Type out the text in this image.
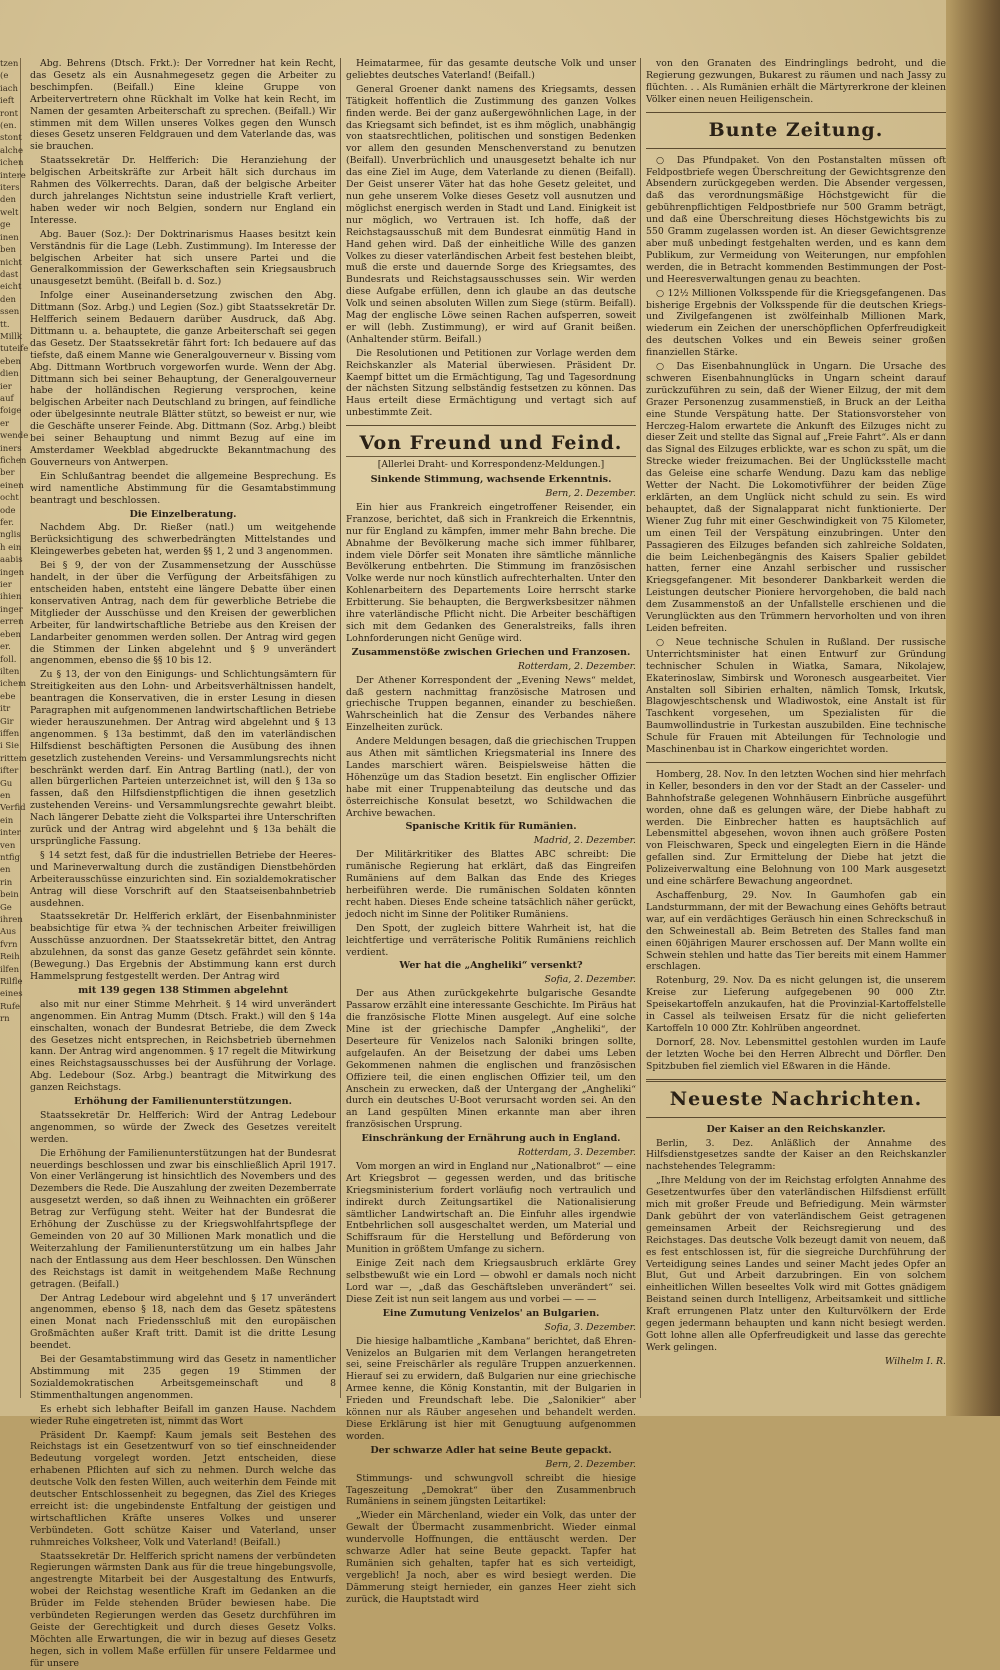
tzen
(e
iach
ieft
ront
(en.
stont
alche
ichen
intere
iters
den
welt
ge
inen
ben
nicht
dast
eicht
den
ssen
tt.
Millk
tuteife
eben
dien
ier
auf
foige
er
wende
iners
fichen
ber
einen
ocht
ode
fer.
nglis
h ein
aabis
ingen
ier
ihien
inger
erren
eben
er.
foll.
ilten
ichem
ebe
itr
Gir
iffen
i Sie
rittem
ifter
Gu
en
Verfid
ein
inter
ven
ntfig
en
rin
bein
Ge
ihren
Aus
fvrn
Reih
ilfen
Rilfle
eines
Rufe
rn

Abg. Behrens (Dtsch. Frkt.): Der Vorredner hat kein Recht, das Gesetz als ein Ausnahmegesetz gegen die Arbeiter zu beschimpfen. (Beifall.) Eine kleine Gruppe von Arbeitervertretern ohne Rückhalt im Volke hat kein Recht, im Namen der gesamten Arbeiterschaft zu sprechen. (Beifall.) Wir stimmen mit dem Willen unseres Volkes gegen den Wunsch dieses Gesetz unseren Feldgrauen und dem Vaterlande das, was sie brauchen.

Staatssekretär Dr. Helfferich: Die Heranziehung der belgischen Arbeitskräfte zur Arbeit hält sich durchaus im Rahmen des Völkerrechts. Daran, daß der belgische Arbeiter durch jahrelanges Nichtstun seine industrielle Kraft verliert, haben weder wir noch Belgien, sondern nur England ein Interesse.

Abg. Bauer (Soz.): Der Doktrinarismus Haases besitzt kein Verständnis für die Lage (Lebh. Zustimmung). Im Interesse der belgischen Arbeiter hat sich unsere Partei und die Generalkommission der Gewerkschaften sein Kriegsausbruch unausgesetzt bemüht. (Beifall b. d. Soz.)

Infolge einer Auseinandersetzung zwischen den Abg. Dittmann (Soz. Arbg.) und Legien (Soz.) gibt Staatssekretär Dr. Helfferich seinem Bedauern darüber Ausdruck, daß Abg. Dittmann u. a. behauptete, die ganze Arbeiterschaft sei gegen das Gesetz. Der Staatssekretär fährt fort: Ich bedauere auf das tiefste, daß einem Manne wie Generalgouverneur v. Bissing vom Abg. Dittmann Wortbruch vorgeworfen wurde. Wenn der Abg. Dittmann sich bei seiner Behauptung, der Generalgouverneur habe der holländischen Regierung versprochen, keine belgischen Arbeiter nach Deutschland zu bringen, auf feindliche oder übelgesinnte neutrale Blätter stützt, so beweist er nur, wie die Geschäfte unserer Feinde. Abg. Dittmann (Soz. Arbg.) bleibt bei seiner Behauptung und nimmt Bezug auf eine im Amsterdamer Weekblad abgedruckte Bekanntmachung des Gouverneurs von Antwerpen.

Ein Schlußantrag beendet die allgemeine Besprechung. Es wird namentliche Abstimmung für die Gesamtabstimmung beantragt und beschlossen.

Die Einzelberatung.

Nachdem Abg. Dr. Rießer (natl.) um weitgehende Berücksichtigung des schwerbedrängten Mittelstandes und Kleingewerbes gebeten hat, werden §§ 1, 2 und 3 angenommen.

Bei § 9, der von der Zusammensetzung der Ausschüsse handelt, in der über die Verfügung der Arbeitsfähigen zu entscheiden haben, entsteht eine längere Debatte über einen konservativen Antrag, nach dem für gewerbliche Betriebe die Mitglieder der Ausschüsse und den Kreisen der gewerblichen Arbeiter, für landwirtschaftliche Betriebe aus den Kreisen der Landarbeiter genommen werden sollen. Der Antrag wird gegen die Stimmen der Linken abgelehnt und § 9 unverändert angenommen, ebenso die §§ 10 bis 12.

Zu § 13, der von den Einigungs- und Schlichtungsämtern für Streitigkeiten aus den Lohn- und Arbeitsverhältnissen handelt, beantragen die Konservativen, die in erster Lesung in diesen Paragraphen mit aufgenommenen landwirtschaftlichen Betriebe wieder herauszunehmen. Der Antrag wird abgelehnt und § 13 angenommen. § 13a bestimmt, daß den im vaterländischen Hilfsdienst beschäftigten Personen die Ausübung des ihnen gesetzlich zustehenden Vereins- und Versammlungsrechts nicht beschränkt werden darf. Ein Antrag Bartling (natl.), der von allen bürgerlichen Parteien unterzeichnet ist, will den § 13a so fassen, daß den Hilfsdienstpflichtigen die ihnen gesetzlich zustehenden Vereins- und Versammlungsrechte gewahrt bleibt. Nach längerer Debatte zieht die Volkspartei ihre Unterschriften zurück und der Antrag wird abgelehnt und § 13a behält die ursprüngliche Fassung.

§ 14 setzt fest, daß für die industriellen Betriebe der Heeres- und Marineverwaltung durch die zuständigen Dienstbehörden Arbeiterausschüsse einzurichten sind. Ein sozialdemokratischer Antrag will diese Vorschrift auf den Staatseisenbahnbetrieb ausdehnen.

Staatssekretär Dr. Helfferich erklärt, der Eisenbahnminister beabsichtige für etwa ¾ der technischen Arbeiter freiwilligen Ausschüsse anzuordnen. Der Staatssekretär bittet, den Antrag abzulehnen, da sonst das ganze Gesetz gefährdet sein könnte. (Bewegung.) Das Ergebnis der Abstimmung kann erst durch Hammelsprung festgestellt werden. Der Antrag wird

mit 139 gegen 138 Stimmen abgelehnt

also mit nur einer Stimme Mehrheit. § 14 wird unverändert angenommen. Ein Antrag Mumm (Dtsch. Frakt.) will den § 14a einschalten, wonach der Bundesrat Betriebe, die dem Zweck des Gesetzes nicht entsprechen, in Reichsbetrieb übernehmen kann. Der Antrag wird angenommen. § 17 regelt die Mitwirkung eines Reichstagsausschusses bei der Ausführung der Vorlage. Abg. Ledebour (Soz. Arbg.) beantragt die Mitwirkung des ganzen Reichstags.

Erhöhung der Familienunterstützungen.

Staatssekretär Dr. Helfferich: Wird der Antrag Ledebour angenommen, so würde der Zweck des Gesetzes vereitelt werden.

Die Erhöhung der Familienunterstützungen hat der Bundesrat neuerdings beschlossen und zwar bis einschließlich April 1917. Von einer Verlängerung ist hinsichtlich des Novembers und des Dezembers die Rede. Die Auszahlung der zweiten Dezemberrate ausgesetzt werden, so daß ihnen zu Weihnachten ein größerer Betrag zur Verfügung steht. Weiter hat der Bundesrat die Erhöhung der Zuschüsse zu der Kriegswohlfahrtspflege der Gemeinden von 20 auf 30 Millionen Mark monatlich und die Weiterzahlung der Familienunterstützung um ein halbes Jahr nach der Entlassung aus dem Heer beschlossen. Den Wünschen des Reichstags ist damit in weitgehendem Maße Rechnung getragen. (Beifall.)

Der Antrag Ledebour wird abgelehnt und § 17 unverändert angenommen, ebenso § 18, nach dem das Gesetz spätestens einen Monat nach Friedensschluß mit den europäischen Großmächten außer Kraft tritt. Damit ist die dritte Lesung beendet.

Bei der Gesamtabstimmung wird das Gesetz in namentlicher Abstimmung mit 235 gegen 19 Stimmen der Sozialdemokratischen Arbeitsgemeinschaft und 8 Stimmenthaltungen angenommen.

Es erhebt sich lebhafter Beifall im ganzen Hause. Nachdem wieder Ruhe eingetreten ist, nimmt das Wort

Präsident Dr. Kaempf: Kaum jemals seit Bestehen des Reichstags ist ein Gesetzentwurf von so tief einschneidender Bedeutung vorgelegt worden. Jetzt entscheiden, diese erhabenen Pflichten auf sich zu nehmen. Durch welche das deutsche Volk den festen Willen, auch weiterhin dem Feinde mit deutscher Entschlossenheit zu begegnen, das Ziel des Krieges erreicht ist: die ungebindenste Entfaltung der geistigen und wirtschaftlichen Kräfte unseres Volkes und unserer Verbündeten. Gott schütze Kaiser und Vaterland, unser ruhmreiches Volksheer, Volk und Vaterland! (Beifall.)

Staatssekretär Dr. Helfferich spricht namens der verbündeten Regierungen wärmsten Dank aus für die treue hingebungsvolle, angestrengte Mitarbeit bei der Ausgestaltung des Entwurfs, wobei der Reichstag wesentliche Kraft im Gedanken an die Brüder im Felde stehenden Brüder bewiesen habe. Die verbündeten Regierungen werden das Gesetz durchführen im Geiste der Gerechtigkeit und durch dieses Gesetz Volks. Möchten alle Erwartungen, die wir in bezug auf dieses Gesetz hegen, sich in vollem Maße erfüllen für unsere Feldarmee und für unsere

Heimatarmee, für das gesamte deutsche Volk und unser geliebtes deutsches Vaterland! (Beifall.)

General Groener dankt namens des Kriegsamts, dessen Tätigkeit hoffentlich die Zustimmung des ganzen Volkes finden werde. Bei der ganz außergewöhnlichen Lage, in der das Kriegsamt sich befindet, ist es ihm möglich, unabhängig von staatsrechtlichen, politischen und sonstigen Bedenken vor allem den gesunden Menschenverstand zu benutzen (Beifall). Unverbrüchlich und unausgesetzt behalte ich nur das eine Ziel im Auge, dem Vaterlande zu dienen (Beifall). Der Geist unserer Väter hat das hohe Gesetz geleitet, und nun gehe unserem Volke dieses Gesetz voll ausnutzen und möglichst energisch werden in Stadt und Land. Einigkeit ist nur möglich, wo Vertrauen ist. Ich hoffe, daß der Reichstagsausschuß mit dem Bundesrat einmütig Hand in Hand gehen wird. Daß der einheitliche Wille des ganzen Volkes zu dieser vaterländischen Arbeit fest bestehen bleibt, muß die erste und dauernde Sorge des Kriegsamtes, des Bundesrats und Reichstagsausschusses sein. Wir werden diese Aufgabe erfüllen, denn ich glaube an das deutsche Volk und seinen absoluten Willen zum Siege (stürm. Beifall). Mag der englische Löwe seinen Rachen aufsperren, soweit er will (lebh. Zustimmung), er wird auf Granit beißen. (Anhaltender stürm. Beifall.)

Die Resolutionen und Petitionen zur Vorlage werden dem Reichskanzler als Material überwiesen. Präsident Dr. Kaempf bittet um die Ermächtigung, Tag und Tagesordnung der nächsten Sitzung selbständig festsetzen zu können. Das Haus erteilt diese Ermächtigung und vertagt sich auf unbestimmte Zeit.

Von Freund und Feind.
[Allerlei Draht- und Korrespondenz-Meldungen.]

Sinkende Stimmung, wachsende Erkenntnis.

Bern, 2. Dezember.

Ein hier aus Frankreich eingetroffener Reisender, ein Franzose, berichtet, daß sich in Frankreich die Erkenntnis, nur für England zu kämpfen, immer mehr Bahn breche. Die Abnahme der Bevölkerung mache sich immer fühlbarer, indem viele Dörfer seit Monaten ihre sämtliche männliche Bevölkerung entbehrten. Die Stimmung im französischen Volke werde nur noch künstlich aufrechterhalten. Unter den Kohlenarbeitern des Departements Loire herrscht starke Erbitterung. Sie behaupten, die Bergwerksbesitzer nähmen ihre vaterländische Pflicht nicht. Die Arbeiter beschäftigen sich mit dem Gedanken des Generalstreiks, falls ihren Lohnforderungen nicht Genüge wird.

Zusammenstöße zwischen Griechen und Franzosen.

Rotterdam, 2. Dezember.

Der Athener Korrespondent der „Evening News“ meldet, daß gestern nachmittag französische Matrosen und griechische Truppen begannen, einander zu beschießen. Wahrscheinlich hat die Zensur des Verbandes nähere Einzelheiten zurück.

Andere Meldungen besagen, daß die griechischen Truppen aus Athen mit sämtlichen Kriegsmaterial ins Innere des Landes marschiert wären. Beispielsweise hätten die Höhenzüge um das Stadion besetzt. Ein englischer Offizier habe mit einer Truppenabteilung das deutsche und das österreichische Konsulat besetzt, wo Schildwachen die Archive bewachen.

Spanische Kritik für Rumänien.

Madrid, 2. Dezember.

Der Militärkritiker des Blattes ABC schreibt: Die rumänische Regierung hat erklärt, daß das Eingreifen Rumäniens auf dem Balkan das Ende des Krieges herbeiführen werde. Die rumänischen Soldaten könnten recht haben. Dieses Ende scheine tatsächlich näher gerückt, jedoch nicht im Sinne der Politiker Rumäniens.

Den Spott, der zugleich bittere Wahrheit ist, hat die leichtfertige und verräterische Politik Rumäniens reichlich verdient.

Wer hat die „Angheliki“ versenkt?

Sofia, 2. Dezember.

Der aus Athen zurückgekehrte bulgarische Gesandte Passarow erzählt eine interessante Geschichte. Im Piräus hat die französische Flotte Minen ausgelegt. Auf eine solche Mine ist der griechische Dampfer „Angheliki“, der Deserteure für Venizelos nach Saloniki bringen sollte, aufgelaufen. An der Beisetzung der dabei ums Leben Gekommenen nahmen die englischen und französischen Offiziere teil, die einen englischen Offizier teil, um den Anschein zu erwecken, daß der Untergang der „Angheliki“ durch ein deutsches U-Boot verursacht worden sei. An den an Land gespülten Minen erkannte man aber ihren französischen Ursprung.

Einschränkung der Ernährung auch in England.

Rotterdam, 3. Dezember.

Vom morgen an wird in England nur „Nationalbrot“ — eine Art Kriegsbrot — gegessen werden, und das britische Kriegsministerium fordert vorläufig noch vertraulich und indirekt durch Zeitungsartikel die Nationalisierung sämtlicher Landwirtschaft an. Die Einfuhr alles irgendwie Entbehrlichen soll ausgeschaltet werden, um Material und Schiffsraum für die Herstellung und Beförderung von Munition in größtem Umfange zu sichern.

Einige Zeit nach dem Kriegsausbruch erklärte Grey selbstbewußt wie ein Lord — obwohl er damals noch nicht Lord war —, „daß das Geschäftsleben unverändert“ sei. Diese Zeit ist nun seit langem aus und vorbei — — —

Eine Zumutung Venizelos' an Bulgarien.

Sofia, 3. Dezember.

Die hiesige halbamtliche „Kambana“ berichtet, daß Ehren-Venizelos an Bulgarien mit dem Verlangen herangetreten sei, seine Freischärler als reguläre Truppen anzuerkennen. Hierauf sei zu erwidern, daß Bulgarien nur eine griechische Armee kenne, die König Konstantin, mit der Bulgarien in Frieden und Freundschaft lebe. Die „Salonikier“ aber können nur als Räuber angesehen und behandelt werden. Diese Erklärung ist hier mit Genugtuung aufgenommen worden.

Der schwarze Adler hat seine Beute gepackt.

Bern, 2. Dezember.

Stimmungs- und schwungvoll schreibt die hiesige Tageszeitung „Demokrat“ über den Zusammenbruch Rumäniens in seinem jüngsten Leitartikel:

„Wieder ein Märchenland, wieder ein Volk, das unter der Gewalt der Übermacht zusammenbricht. Wieder einmal wundervolle Hoffnungen, die enttäuscht werden. Der schwarze Adler hat seine Beute gepackt. Tapfer hat Rumänien sich gehalten, tapfer hat es sich verteidigt, vergeblich! Ja noch, aber es wird besiegt werden. Die Dämmerung steigt hernieder, ein ganzes Heer zieht sich zurück, die Hauptstadt wird

von den Granaten des Eindringlings bedroht, und die Regierung gezwungen, Bukarest zu räumen und nach Jassy zu flüchten. . . Als Rumänien erhält die Märtyrerkrone der kleinen Völker einen neuen Heiligenschein.

Bunte Zeitung.

○ Das Pfundpaket. Von den Postanstalten müssen oft Feldpostbriefe wegen Überschreitung der Gewichtsgrenze den Absendern zurückgegeben werden. Die Absender vergessen, daß das verordnungsmäßige Höchstgewicht für die gebührenpflichtigen Feldpostbriefe nur 500 Gramm beträgt, und daß eine Überschreitung dieses Höchstgewichts bis zu 550 Gramm zugelassen worden ist. An dieser Gewichtsgrenze aber muß unbedingt festgehalten werden, und es kann dem Publikum, zur Vermeidung von Weiterungen, nur empfohlen werden, die in Betracht kommenden Bestimmungen der Post- und Heeresverwaltungen genau zu beachten.

○ 12½ Millionen Volksspende für die Kriegsgefangenen. Das bisherige Ergebnis der Volksspende für die deutschen Kriegs- und Zivilgefangenen ist zwölfeinhalb Millionen Mark, wiederum ein Zeichen der unerschöpflichen Opferfreudigkeit des deutschen Volkes und ein Beweis seiner großen finanziellen Stärke.

○ Das Eisenbahnunglück in Ungarn. Die Ursache des schweren Eisenbahnunglücks in Ungarn scheint darauf zurückzuführen zu sein, daß der Wiener Eilzug, der mit dem Grazer Personenzug zusammenstieß, in Bruck an der Leitha eine Stunde Verspätung hatte. Der Stationsvorsteher von Herczeg-Halom erwartete die Ankunft des Eilzuges nicht zu dieser Zeit und stellte das Signal auf „Freie Fahrt“. Als er dann das Signal des Eilzuges erblickte, war es schon zu spät, um die Strecke wieder freizumachen. Bei der Unglücksstelle macht das Geleise eine scharfe Wendung. Dazu kam das neblige Wetter der Nacht. Die Lokomotivführer der beiden Züge erklärten, an dem Unglück nicht schuld zu sein. Es wird behauptet, daß der Signalapparat nicht funktionierte. Der Wiener Zug fuhr mit einer Geschwindigkeit von 75 Kilometer, um einen Teil der Verspätung einzubringen. Unter den Passagieren des Eilzuges befanden sich zahlreiche Soldaten, die beim Leichenbegängnis des Kaisers Spalier gebildet hatten, ferner eine Anzahl serbischer und russischer Kriegsgefangener. Mit besonderer Dankbarkeit werden die Leistungen deutscher Pioniere hervorgehoben, die bald nach dem Zusammenstoß an der Unfallstelle erschienen und die Verunglückten aus den Trümmern hervorholten und von ihren Leiden befreiten.

○ Neue technische Schulen in Rußland. Der russische Unterrichtsminister hat einen Entwurf zur Gründung technischer Schulen in Wiatka, Samara, Nikolajew, Ekaterinoslaw, Simbirsk und Woronesch ausgearbeitet. Vier Anstalten soll Sibirien erhalten, nämlich Tomsk, Irkutsk, Blagowjeschtschensk und Wladiwostok, eine Anstalt ist für Taschkent vorgesehen, um Spezialisten für die Baumwollindustrie in Turkestan auszubilden. Eine technische Schule für Frauen mit Abteilungen für Technologie und Maschinenbau ist in Charkow eingerichtet worden.

Homberg, 28. Nov. In den letzten Wochen sind hier mehrfach in Keller, besonders in den vor der Stadt an der Casseler- und Bahnhofstraße gelegenen Wohnhäusern Einbrüche ausgeführt worden, ohne daß es gelungen wäre, der Diebe habhaft zu werden. Die Einbrecher hatten es hauptsächlich auf Lebensmittel abgesehen, wovon ihnen auch größere Posten von Fleischwaren, Speck und eingelegten Eiern in die Hände gefallen sind. Zur Ermittelung der Diebe hat jetzt die Polizeiverwaltung eine Belohnung von 100 Mark ausgesetzt und eine schärfere Bewachung angeordnet.

Aschaffenburg, 29. Nov. In Gaumhofen gab ein Landsturmmann, der mit der Bewachung eines Gehöfts betraut war, auf ein verdächtiges Geräusch hin einen Schreckschuß in den Schweinestall ab. Beim Betreten des Stalles fand man einen 60jährigen Maurer erschossen auf. Der Mann wollte ein Schwein stehlen und hatte das Tier bereits mit einem Hammer erschlagen.

Rotenburg, 29. Nov. Da es nicht gelungen ist, die unserem Kreise zur Lieferung aufgegebenen 90 000 Ztr. Speisekartoffeln anzukaufen, hat die Provinzial-Kartoffelstelle in Cassel als teilweisen Ersatz für die nicht gelieferten Kartoffeln 10 000 Ztr. Kohlrüben angeordnet.

Dornorf, 28. Nov. Lebensmittel gestohlen wurden im Laufe der letzten Woche bei den Herren Albrecht und Dörfler. Den Spitzbuben fiel ziemlich viel Eßwaren in die Hände.

Neueste Nachrichten.

Der Kaiser an den Reichskanzler.

Berlin, 3. Dez. Anläßlich der Annahme des Hilfsdienstgesetzes sandte der Kaiser an den Reichskanzler nachstehendes Telegramm:

„Ihre Meldung von der im Reichstag erfolgten Annahme des Gesetzentwurfes über den vaterländischen Hilfsdienst erfüllt mich mit großer Freude und Befriedigung. Mein wärmster Dank gebührt der von vaterländischem Geist getragenen gemeinsamen Arbeit der Reichsregierung und des Reichstages. Das deutsche Volk bezeugt damit von neuem, daß es fest entschlossen ist, für die siegreiche Durchführung der Verteidigung seines Landes und seiner Macht jedes Opfer an Blut, Gut und Arbeit darzubringen. Ein von solchem einheitlichen Willen beseeltes Volk wird mit Gottes gnädigem Beistand seinen durch Intelligenz, Arbeitsamkeit und sittliche Kraft errungenen Platz unter den Kulturvölkern der Erde gegen jedermann behaupten und kann nicht besiegt werden. Gott lohne allen alle Opferfreudigkeit und lasse das gerechte Werk gelingen.

Wilhelm I. R.
